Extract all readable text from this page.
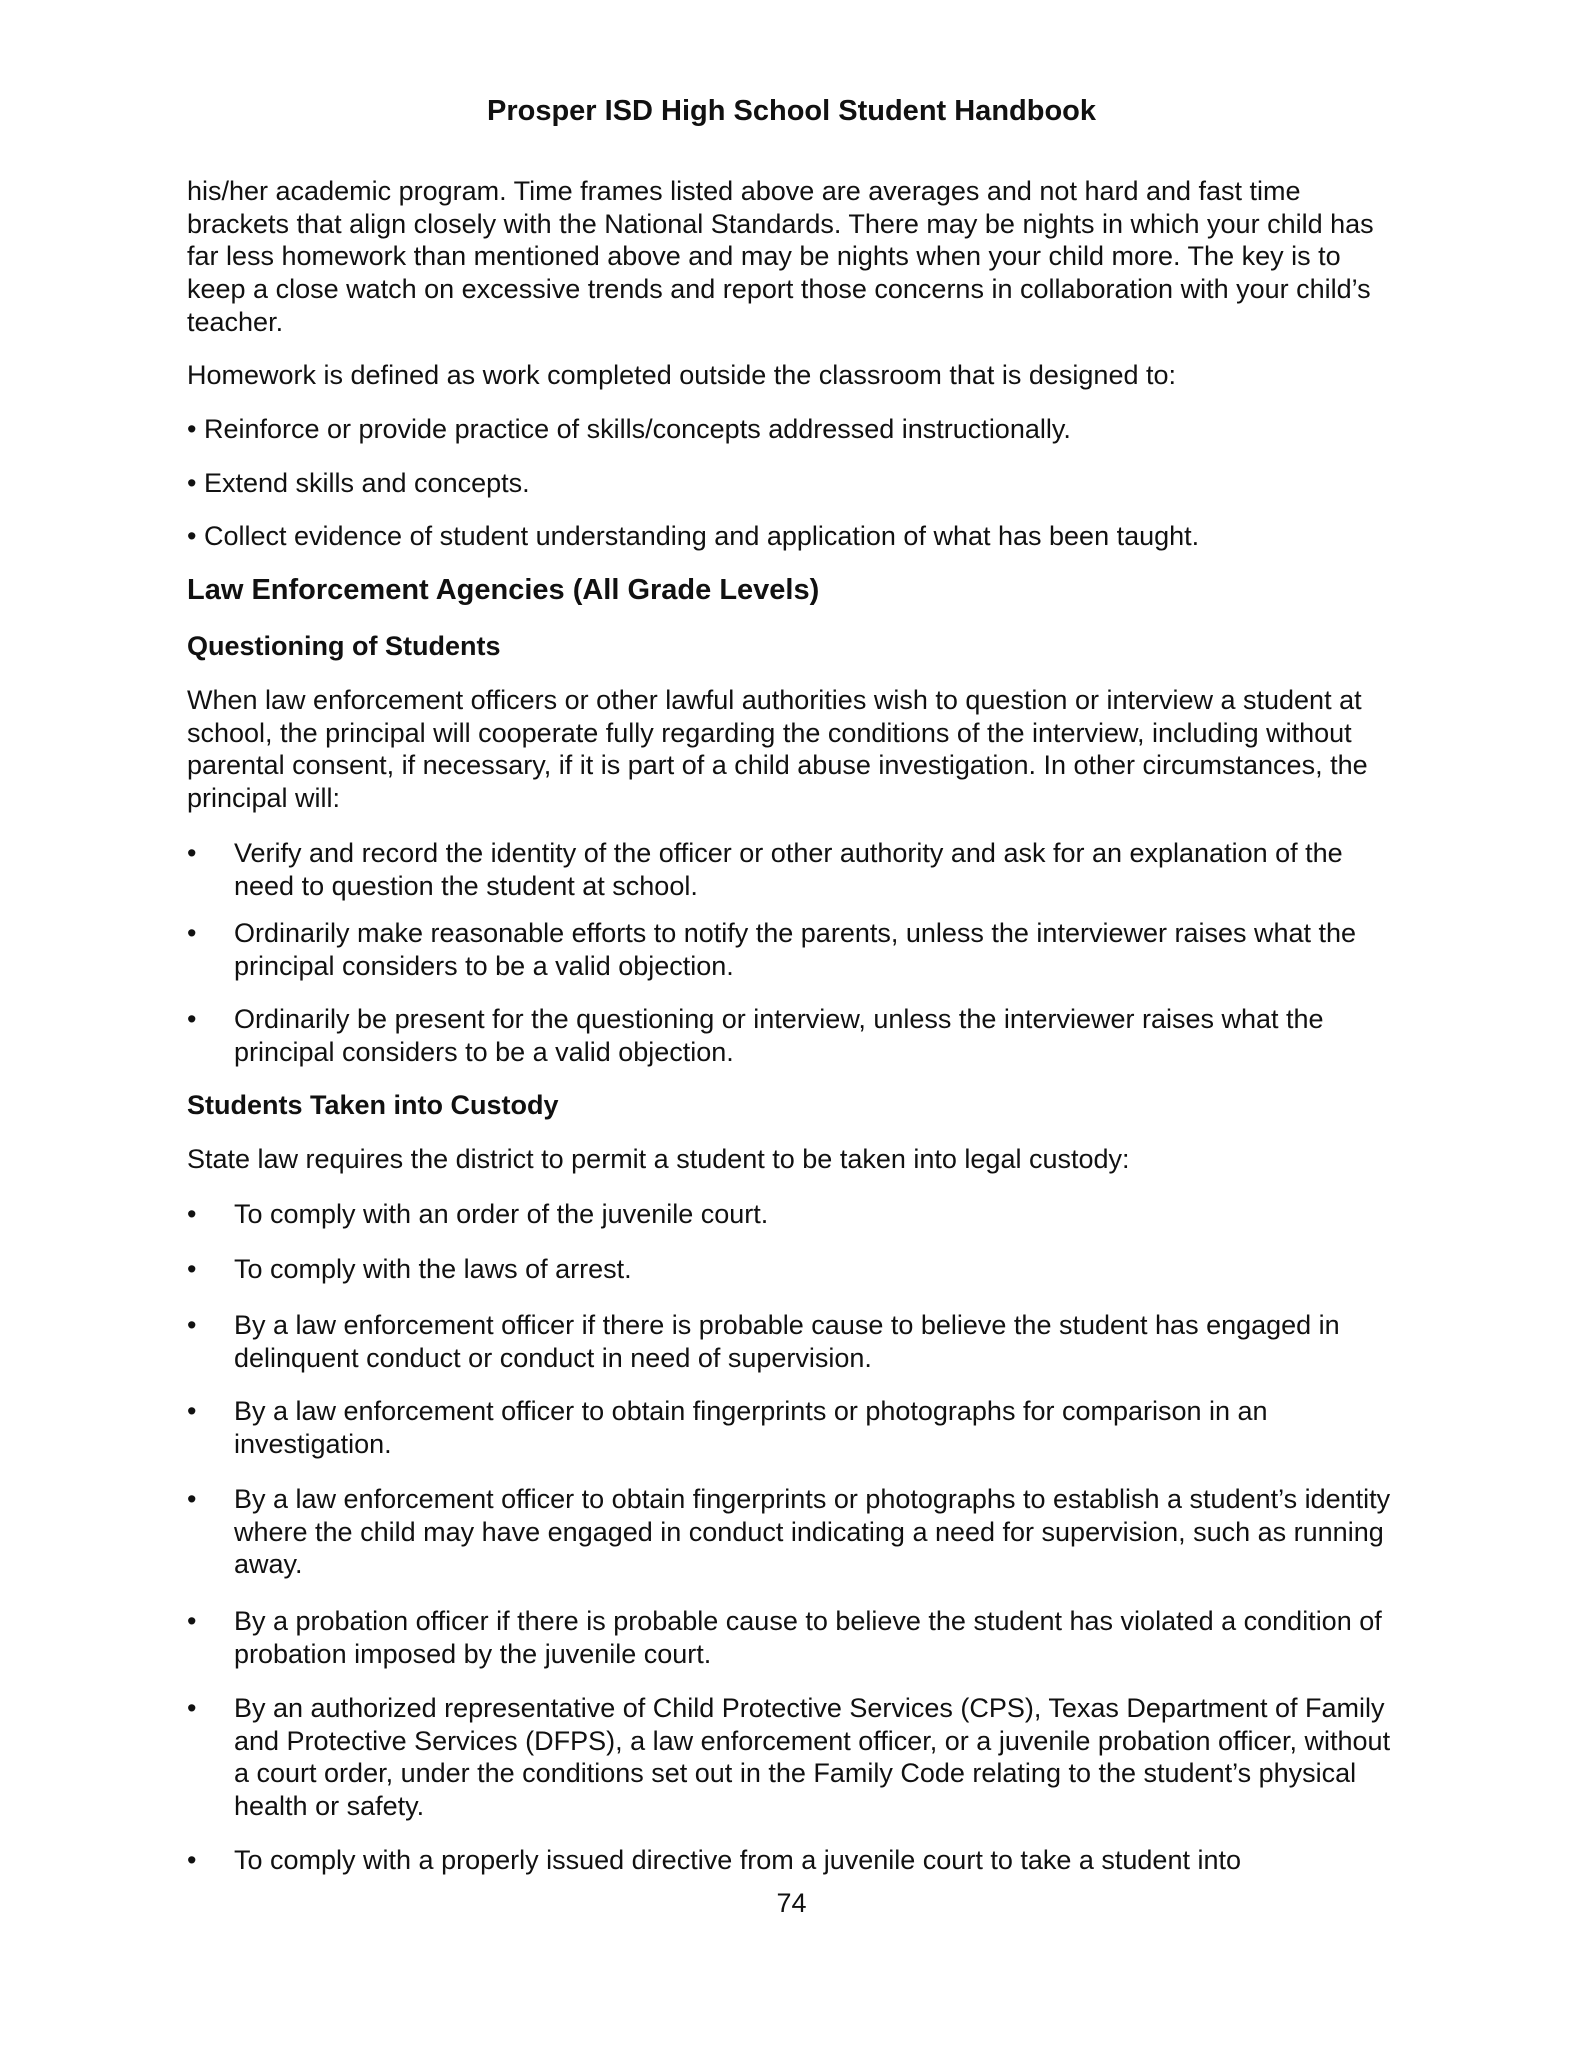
Prosper ISD High School Student Handbook

his/her academic program. Time frames listed above are averages and not hard and fast time brackets that align closely with the National Standards. There may be nights in which your child has far less homework than mentioned above and may be nights when your child more. The key is to keep a close watch on excessive trends and report those concerns in collaboration with your child’s teacher.

Homework is defined as work completed outside the classroom that is designed to:

• Reinforce or provide practice of skills/concepts addressed instructionally.

• Extend skills and concepts.

• Collect evidence of student understanding and application of what has been taught.

Law Enforcement Agencies (All Grade Levels)

Questioning of Students

When law enforcement officers or other lawful authorities wish to question or interview a student at school, the principal will cooperate fully regarding the conditions of the interview, including without parental consent, if necessary, if it is part of a child abuse investigation. In other circumstances, the principal will:

• Verify and record the identity of the officer or other authority and ask for an explanation of the need to question the student at school.
• Ordinarily make reasonable efforts to notify the parents, unless the interviewer raises what the principal considers to be a valid objection.
• Ordinarily be present for the questioning or interview, unless the interviewer raises what the principal considers to be a valid objection.

Students Taken into Custody

State law requires the district to permit a student to be taken into legal custody:

• To comply with an order of the juvenile court.
• To comply with the laws of arrest.
• By a law enforcement officer if there is probable cause to believe the student has engaged in delinquent conduct or conduct in need of supervision.
• By a law enforcement officer to obtain fingerprints or photographs for comparison in an investigation.
• By a law enforcement officer to obtain fingerprints or photographs to establish a student’s identity where the child may have engaged in conduct indicating a need for supervision, such as running away.
• By a probation officer if there is probable cause to believe the student has violated a condition of probation imposed by the juvenile court.
• By an authorized representative of Child Protective Services (CPS), Texas Department of Family and Protective Services (DFPS), a law enforcement officer, or a juvenile probation officer, without a court order, under the conditions set out in the Family Code relating to the student’s physical health or safety.
• To comply with a properly issued directive from a juvenile court to take a student into
74
